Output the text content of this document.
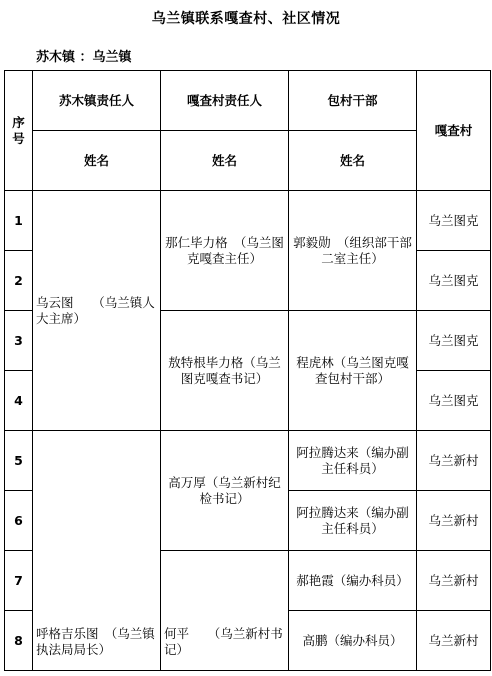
乌兰镇联系嘎查村、社区情况
苏木镇 ：乌兰镇
序号	苏木镇责任人	嘎查村责任人	包村干部	嘎查村
	姓名	姓名	姓名	
1	乌云图　　（乌兰镇人大主席）	那仁毕力格　（乌兰图克嘎查主任）	郭毅勋　（组织部干部二室主任）	乌兰图克
2				乌兰图克
3		敖特根毕力格（乌兰图克嘎查书记）	程虎林（乌兰图克嘎查包村干部）	乌兰图克
4				乌兰图克
5	呼格吉乐图　（乌兰镇执法局局长）	高万厚（乌兰新村纪检书记）	阿拉腾达来（编办副主任科员）	乌兰新村
6			阿拉腾达来（编办副主任科员）	乌兰新村
7		何平　　（乌兰新村书记）	郝艳霞（编办科员）	乌兰新村
8			高鹏（编办科员）	乌兰新村
